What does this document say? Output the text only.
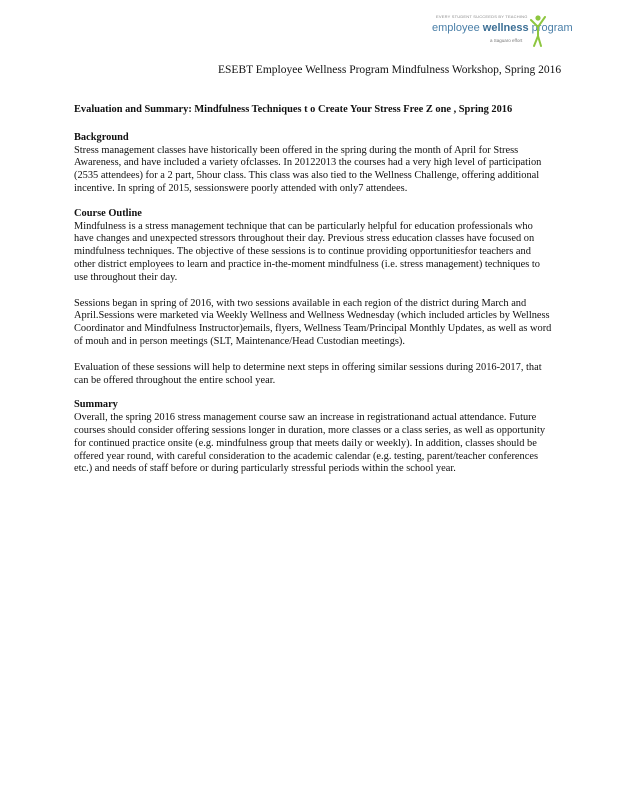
EVERY STUDENT SUCCEEDS BY TEACHING
employee wellness program
a Saguaro effort
ESEBT Employee Wellness Program Mindfulness Workshop, Spring 2016
Evaluation and Summary: Mindfulness Techniques t o Create Your Stress Free Z one , Spring 2016
Background

Stress management classes have historically been offered in the spring during the month of April for Stress Awareness, and have included a variety ofclasses. In 20122013 the courses had a very high level of participation (2535 attendees) for a 2 part, 5hour class. This class was also tied to the Wellness Challenge, offering additional incentive. In spring of 2015, sessionswere poorly attended with only7 attendees.

Course Outline

Mindfulness is a stress management technique that can be particularly helpful for education professionals who have changes and unexpected stressors throughout their day. Previous stress education classes have focused on mindfulness techniques. The objective of these sessions is to continue providing opportunitiesfor teachers and other district employees to learn and practice in-the-moment mindfulness (i.e. stress management) techniques to use throughout their day.

Sessions began in spring of 2016, with two sessions available in each region of the district during March and April.Sessions were marketed via Weekly Wellness and Wellness Wednesday (which included articles by Wellness Coordinator and Mindfulness Instructor)emails, flyers, Wellness Team/Principal Monthly Updates, as well as word of mouh and in person meetings (SLT, Maintenance/Head Custodian meetings).

Evaluation of these sessions will help to determine next steps in offering similar sessions during 2016-2017, that can be offered throughout the entire school year.

Summary

Overall, the spring 2016 stress management course saw an increase in registrationand actual attendance. Future courses should consider offering sessions longer in duration, more classes or a class series, as well as opportunity for continued practice onsite (e.g. mindfulness group that meets daily or weekly). In addition, classes should be offered year round, with careful consideration to the academic calendar (e.g. testing, parent/teacher conferences etc.) and needs of staff before or during particularly stressful periods within the school year.
